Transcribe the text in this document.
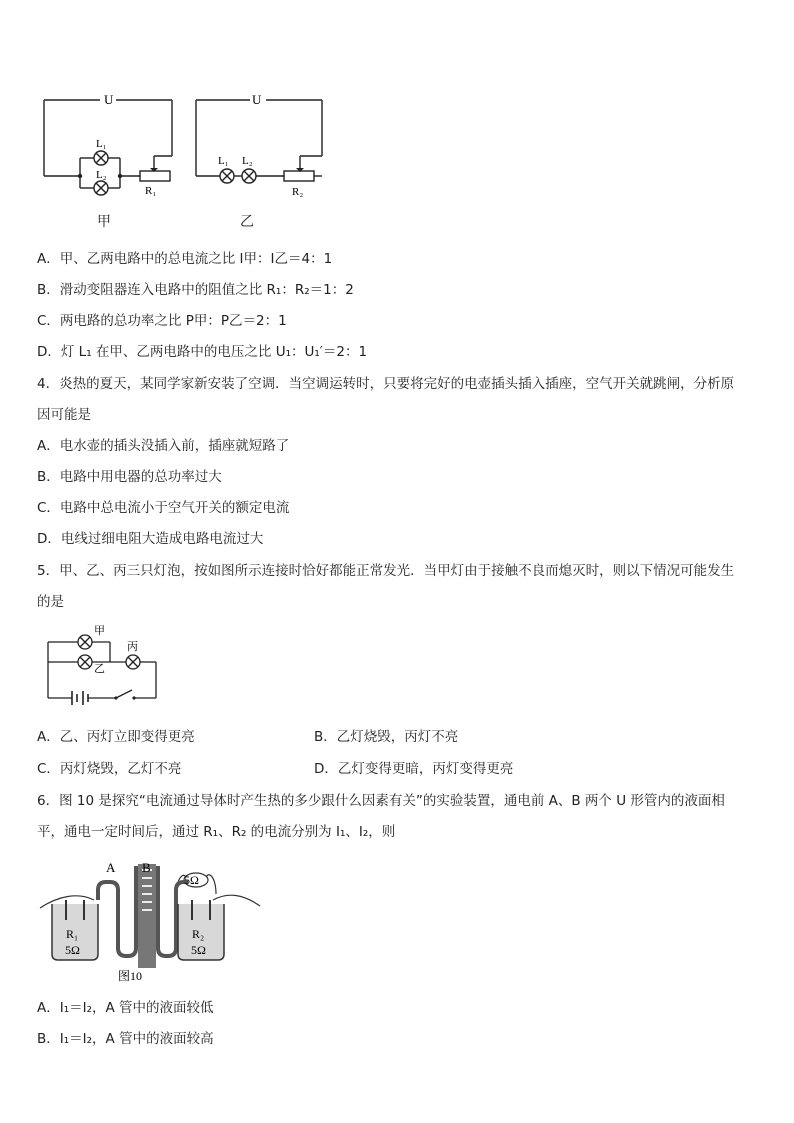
U
L₁
L₂
R₁
甲
U
L₁ L₂
R₂
乙
A．甲、乙两电路中的总电流之比 I甲：I乙＝4：1
B．滑动变阻器连入电路中的阻值之比 R₁：R₂＝1：2
C．两电路的总功率之比 P甲：P乙＝2：1
D．灯 L₁ 在甲、乙两电路中的电压之比 U₁：U₁′＝2：1
4．炎热的夏天，某同学家新安装了空调．当空调运转时，只要将完好的电壶插头插入插座，空气开关就跳闸，分析原
因可能是
A．电水壶的插头没插入前，插座就短路了
B．电路中用电器的总功率过大
C．电路中总电流小于空气开关的额定电流
D．电线过细电阻大造成电路电流过大
5．甲、乙、丙三只灯泡，按如图所示连接时恰好都能正常发光．当甲灯由于接触不良而熄灭时，则以下情况可能发生
的是
甲
乙
丙
A．乙、丙灯立即变得更亮	B．乙灯烧毁，丙灯不亮
C．丙灯烧毁，乙灯不亮	D．乙灯变得更暗，丙灯变得更亮
6．图 10 是探究“电流通过导体时产生热的多少跟什么因素有关”的实验装置，通电前 A、B 两个 U 形管内的液面相
平，通电一定时间后，通过 R₁、R₂ 的电流分别为 I₁、I₂，则
A B
5Ω
R₁
5Ω
R₂
5Ω
图10
A．I₁＝I₂，A 管中的液面较低
B．I₁＝I₂，A 管中的液面较高
